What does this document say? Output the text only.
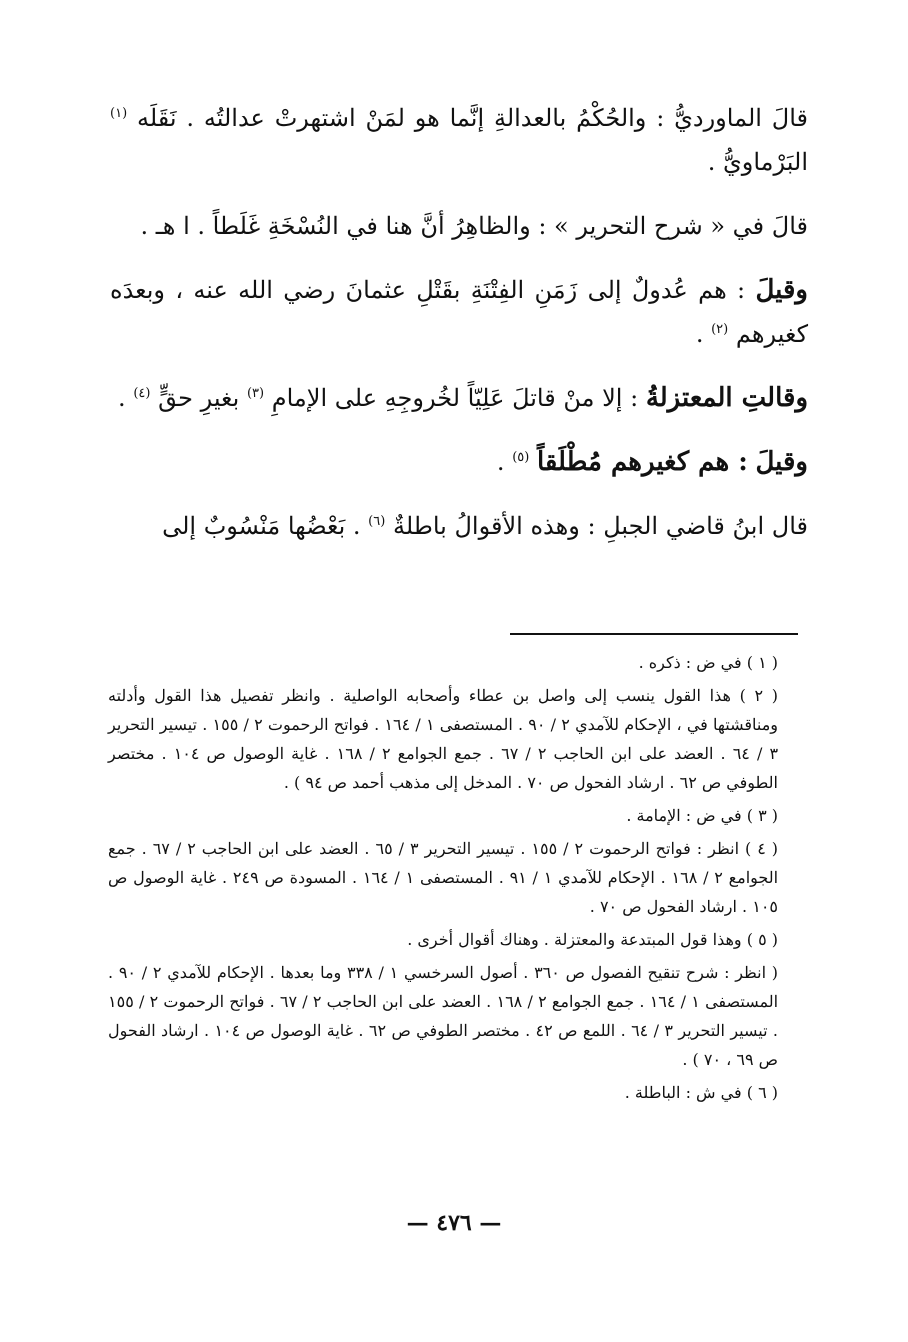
قالَ الماورديُّ : والحُكْمُ بالعدالةِ إنَّما هو لمَنْ اشتهرتْ عدالتُه . نَقَلَه $^{(١)}$ البَرْماويُّ .

قالَ في « شرح التحرير » : والظاهِرُ أنَّ هنا في النُسْخَةِ غَلَطاً . ا هـ .

وقيلَ : هم عُدولٌ إلى زَمَنِ الفِتْنَةِ بقَتْلِ عثمانَ رضي الله عنه ، وبعدَه كغيرهم $^{(٢)}$ .

وقالتِ المعتزلةُ : إلا منْ قاتلَ عَلِيّاً لخُروجِهِ على الإمامِ $^{(٣)}$ بغيرِ حقٍّ $^{(٤)}$ .

وقيلَ : هم كغيرهم مُطْلَقاً $^{(٥)}$ .

قال ابنُ قاضي الجبلِ : وهذه الأقوالُ باطلةٌ $^{(٦)}$ . بَعْضُها مَنْسُوبٌ إلى

( ١ ) في ض : ذكره .

( ٢ ) هذا القول ينسب إلى واصل بن عطاء وأصحابه الواصلية . وانظر تفصيل هذا القول وأدلته ومناقشتها في ، الإحكام للآمدي ٢ / ٩٠ . المستصفى ١ / ١٦٤ . فواتح الرحموت ٢ / ١٥٥ . تيسير التحرير ٣ / ٦٤ . العضد على ابن الحاجب ٢ / ٦٧ . جمع الجوامع ٢ / ١٦٨ . غاية الوصول ص ١٠٤ . مختصر الطوفي ص ٦٢ . ارشاد الفحول ص ٧٠ . المدخل إلى مذهب أحمد ص ٩٤ ) .

( ٣ ) في ض : الإمامة .

( ٤ ) انظر : فواتح الرحموت ٢ / ١٥٥ . تيسير التحرير ٣ / ٦٥ . العضد على ابن الحاجب ٢ / ٦٧ . جمع الجوامع ٢ / ١٦٨ . الإحكام للآمدي ١ / ٩١ . المستصفى ١ / ١٦٤ . المسودة ص ٢٤٩ . غاية الوصول ص ١٠٥ . ارشاد الفحول ص ٧٠ .

( ٥ ) وهذا قول المبتدعة والمعتزلة . وهناك أقوال أخرى .

( انظر : شرح تنقيح الفصول ص ٣٦٠ . أصول السرخسي ١ / ٣٣٨ وما بعدها . الإحكام للآمدي ٢ / ٩٠ . المستصفى ١ / ١٦٤ . جمع الجوامع ٢ / ١٦٨ . العضد على ابن الحاجب ٢ / ٦٧ . فواتح الرحموت ٢ / ١٥٥ . تيسير التحرير ٣ / ٦٤ . اللمع ص ٤٢ . مختصر الطوفي ص ٦٢ . غاية الوصول ص ١٠٤ . ارشاد الفحول ص ٦٩ ، ٧٠ ) .

( ٦ ) في ش : الباطلة .

— ٤٧٦ —
